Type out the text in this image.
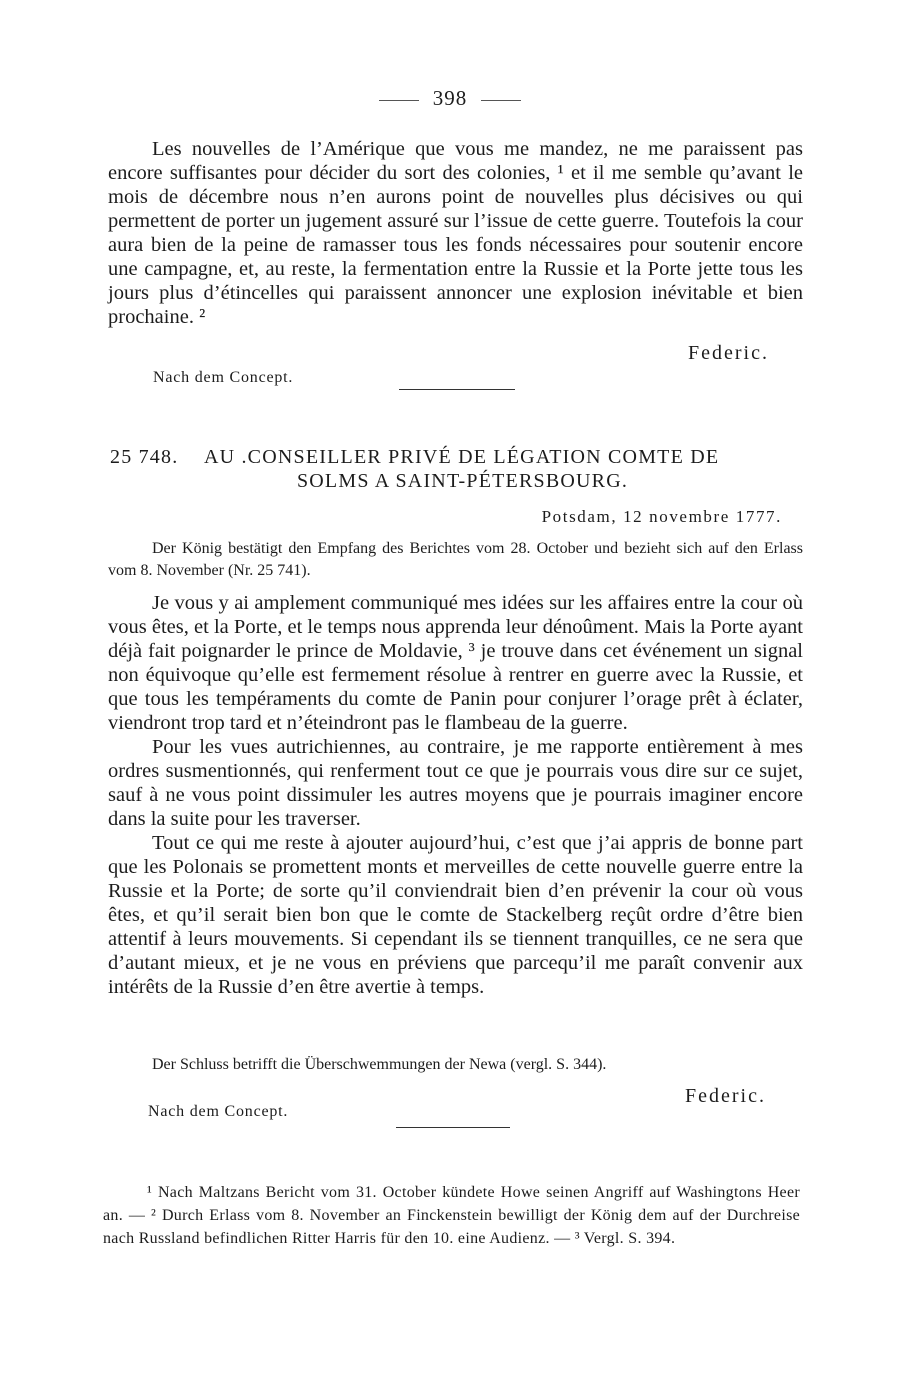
398

Les nouvelles de l’Amérique que vous me mandez, ne me paraissent pas encore suffisantes pour décider du sort des colonies, ¹ et il me semble qu’avant le mois de décembre nous n’en aurons point de nouvelles plus décisives ou qui permettent de porter un jugement assuré sur l’issue de cette guerre. Toutefois la cour aura bien de la peine de ramasser tous les fonds nécessaires pour soutenir encore une campagne, et, au reste, la fermentation entre la Russie et la Porte jette tous les jours plus d’étincelles qui paraissent annoncer une explosion inévitable et bien prochaine. ²

Federic.
Nach dem Concept.
25 748. AU .CONSEILLER PRIVÉ DE LÉGATION COMTE DE
SOLMS A SAINT-PÉTERSBOURG.
Potsdam, 12 novembre 1777.

Der König bestätigt den Empfang des Berichtes vom 28. October und bezieht sich auf den Erlass vom 8. November (Nr. 25 741).

Je vous y ai amplement communiqué mes idées sur les affaires entre la cour où vous êtes, et la Porte, et le temps nous apprenda leur dénoûment. Mais la Porte ayant déjà fait poignarder le prince de Moldavie, ³ je trouve dans cet événement un signal non équivoque qu’elle est fermement résolue à rentrer en guerre avec la Russie, et que tous les tempéraments du comte de Panin pour conjurer l’orage prêt à éclater, viendront trop tard et n’éteindront pas le flambeau de la guerre.

Pour les vues autrichiennes, au contraire, je me rapporte entièrement à mes ordres susmentionnés, qui renferment tout ce que je pourrais vous dire sur ce sujet, sauf à ne vous point dissimuler les autres moyens que je pourrais imaginer encore dans la suite pour les traverser.

Tout ce qui me reste à ajouter aujourd’hui, c’est que j’ai appris de bonne part que les Polonais se promettent monts et merveilles de cette nouvelle guerre entre la Russie et la Porte; de sorte qu’il conviendrait bien d’en prévenir la cour où vous êtes, et qu’il serait bien bon que le comte de Stackelberg reçût ordre d’être bien attentif à leurs mouvements. Si cependant ils se tiennent tranquilles, ce ne sera que d’autant mieux, et je ne vous en préviens que parcequ’il me paraît convenir aux intérêts de la Russie d’en être avertie à temps.

Der Schluss betrifft die Überschwemmungen der Newa (vergl. S. 344).

Federic.
Nach dem Concept.

¹ Nach Maltzans Bericht vom 31. October kündete Howe seinen Angriff auf Washingtons Heer an. — ² Durch Erlass vom 8. November an Finckenstein bewilligt der König dem auf der Durchreise nach Russland befindlichen Ritter Harris für den 10. eine Audienz. — ³ Vergl. S. 394.
